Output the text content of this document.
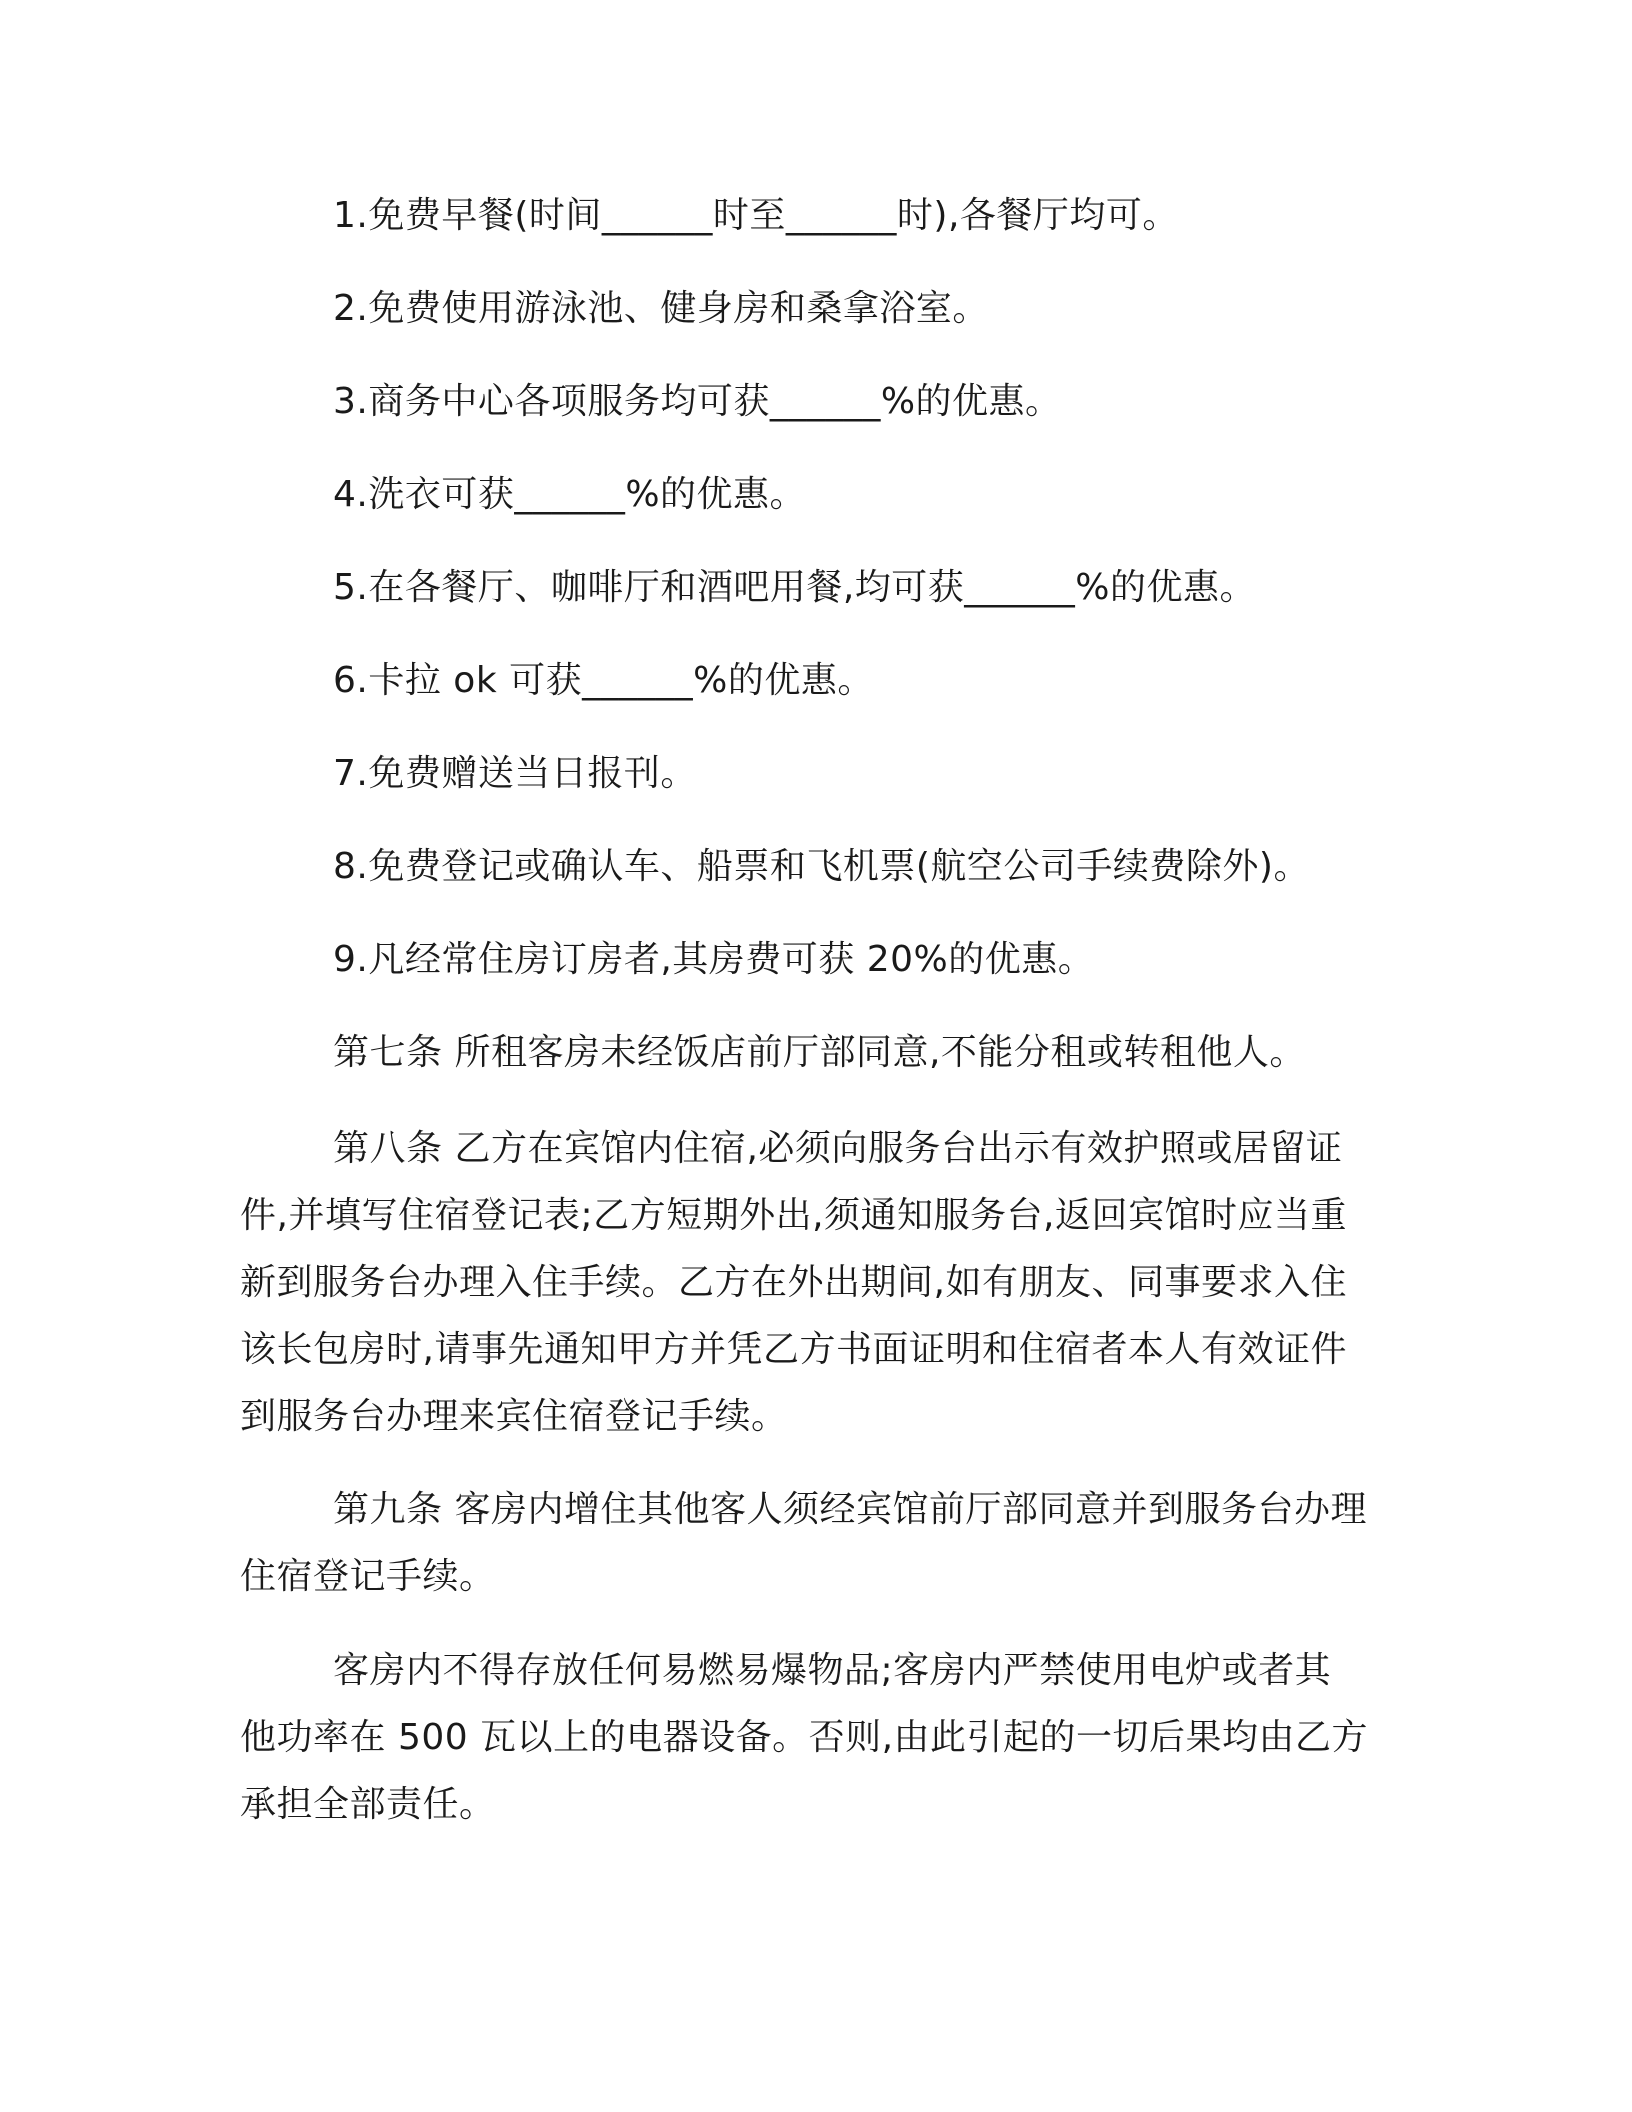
1.免费早餐(时间______时至______时),各餐厅均可。
2.免费使用游泳池、健身房和桑拿浴室。
3.商务中心各项服务均可获______%的优惠。
4.洗衣可获______%的优惠。
5.在各餐厅、咖啡厅和酒吧用餐,均可获______%的优惠。
6.卡拉 ok 可获______%的优惠。
7.免费赠送当日报刊。
8.免费登记或确认车、船票和飞机票(航空公司手续费除外)。
9.凡经常住房订房者,其房费可获 20%的优惠。
第七条 所租客房未经饭店前厅部同意,不能分租或转租他人。
第八条 乙方在宾馆内住宿,必须向服务台出示有效护照或居留证
件,并填写住宿登记表;乙方短期外出,须通知服务台,返回宾馆时应当重
新到服务台办理入住手续。乙方在外出期间,如有朋友、同事要求入住
该长包房时,请事先通知甲方并凭乙方书面证明和住宿者本人有效证件
到服务台办理来宾住宿登记手续。
第九条 客房内增住其他客人须经宾馆前厅部同意并到服务台办理
住宿登记手续。
客房内不得存放任何易燃易爆物品;客房内严禁使用电炉或者其
他功率在 500 瓦以上的电器设备。否则,由此引起的一切后果均由乙方
承担全部责任。
